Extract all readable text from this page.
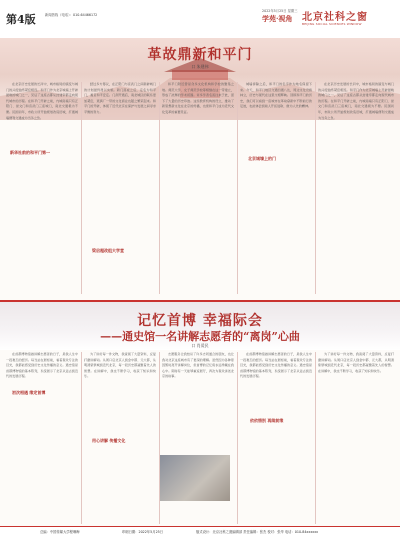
第4版	新闻热线（电话）：010-64466172
2022年5月25日 星期三
学苑·视角 北京社科之窗
BEIJING SOCIAL SCIENCES WINDOW
革故鼎新和平门
口 朱建伟

在北京历史发展的长河中，城市格局的演变与城门的兴废始终紧密相连。和平门作为北京城墙上开辟最晚的城门之一，见证了这座古都从封建帝都走向现代城市的历程。在和平门开辟之前，内城南墙只有正阳门、崇文门和宣武门三座城门，南北交通极为不便。民国初年，市政公所开始规划改造旧城，打通城墙便利交通成为当务之急。

新华社前的和平门第一

经过多方筹议，在正阳门与宣武门之间新辟城门的计划最终得以实施。新门落成之后，定名为和平门，寓意和平安定。门洞开通后，南北城区的联系更加紧密，琉璃厂一带的文化商业也随之繁荣起来。和平门的开辟，体现了近代北京在保护与发展之间寻求平衡的努力。

梁启超改组大学堂

和平门附近曾是众多文化机构和学校的聚集之地。师范大学、女子师范学校等相继在这一带建立，形成了浓厚的学术氛围。许多学者名流往来于此，留下了大量的历史印迹。这些教育机构的设立，推动了新思想新文化在北京的传播，也使和平门成为近代文化变革的重要见证。

城墙拆除之后，和平门的名字作为地名保留下来。今天，和平门地区交通四通八达，周边文化设施林立，历史与现代在这里交相辉映。回顾和平门的历史，我们可以看到一座城市在革故鼎新中不断前行的足迹，也能体会到前人开拓进取、敢为人先的精神。

北京城墙上的门

在北京历史发展的长河中，城市格局的演变与城门的兴废始终紧密相连。和平门作为北京城墙上开辟最晚的城门之一，见证了这座古都从封建帝都走向现代城市的历程。在和平门开辟之前，内城南墙只有正阳门、崇文门和宣武门三座城门，南北交通极为不便。民国初年，市政公所开始规划改造旧城，打通城墙便利交通成为当务之急。

记忆首博 幸福际会
——通史馆一名讲解志愿者的“离岗”心曲
口 肖爱民

在首都博物馆做讲解志愿者的日子，是我人生中一段难忘的经历。每当站在展柜前，看着观众专注的目光，我都能感受到历史文化传播的意义。通史馆是首都博物馆的基本陈列，系统展示了北京从远古到近代的发展历程。

初次相遇 缘定首博

为了讲好每一件文物，我查阅了大量资料，反复打磨讲解词。从周口店北京人到金中都、元大都，从明清紫禁城到近代北京，每一段历史都凝聚着先人的智慧。在讲解中，我也不断学习，收获了知识和快乐。

用心讲解 传播文化

志愿服务让我结识了许多志同道合的朋友，也让我对北京这座城市有了更深的理解。虽然因为各种原因暂时离开讲解岗位，但首博的记忆将永远珍藏在我心中。期待有一天能够重返展厅，再次为观众讲述北京的故事。

在首都博物馆做讲解志愿者的日子，是我人生中一段难忘的经历。每当站在展柜前，看着观众专注的目光，我都能感受到历史文化传播的意义。通史馆是首都博物馆的基本陈列，系统展示了北京从远古到近代的发展历程。

依依惜别 再续前缘

为了讲好每一件文物，我查阅了大量资料，反复打磨讲解词。从周口店北京人到金中都、元大都，从明清紫禁城到近代北京，每一段历史都凝聚着先人的智慧。在讲解中，我也不断学习，收获了知识和快乐。

总编：中国传媒大学程琳梅	印刷日期：2022年5月25日	版式设计：北京社科之窗编辑部 责任编辑：张杰 校对：张华 电话：010-84xxxxxx
